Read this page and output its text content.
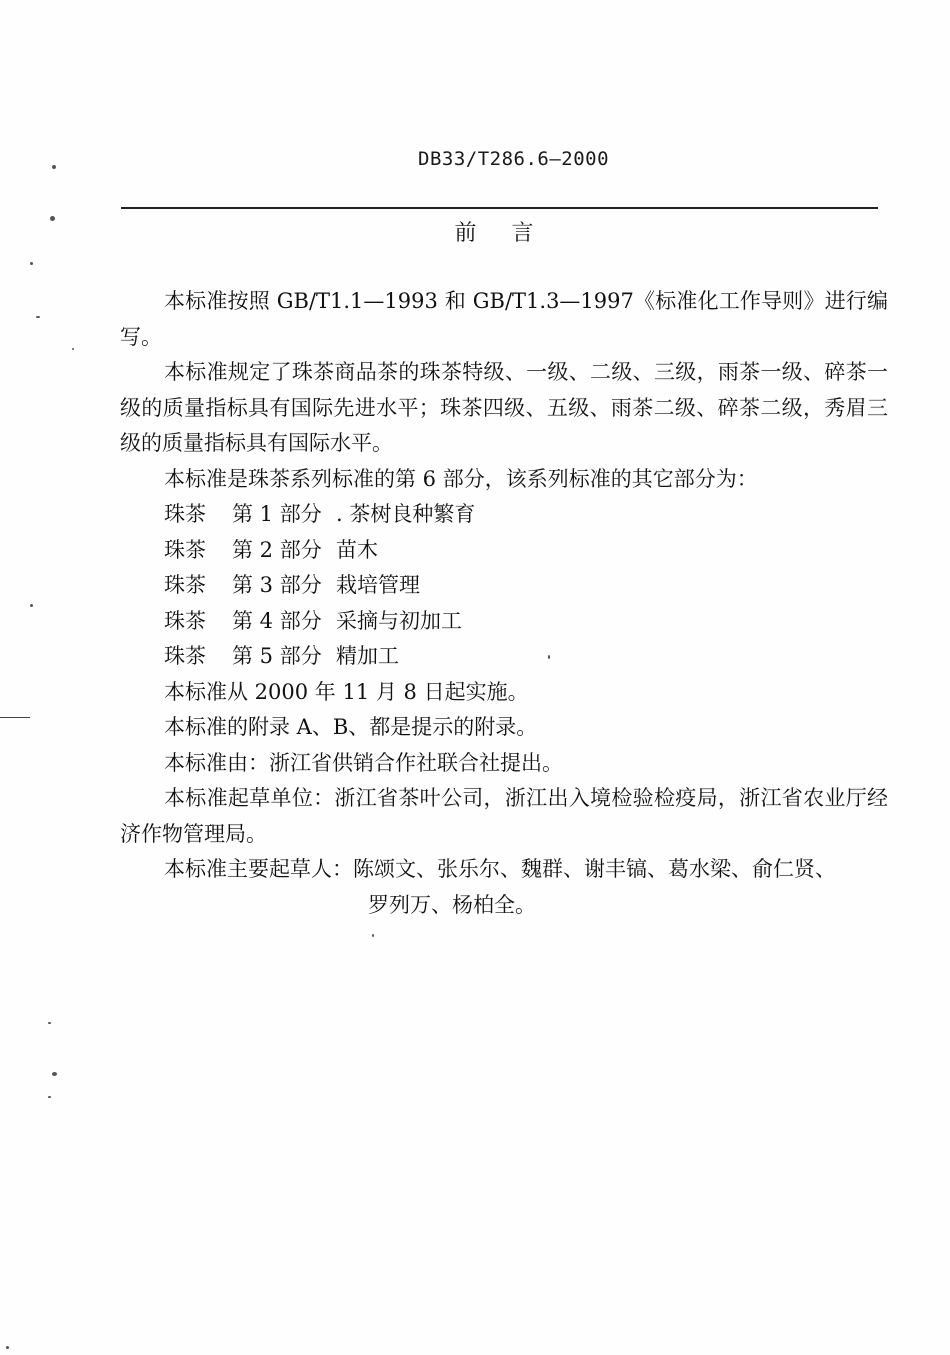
DB33/T286.6—2000
前 言

本标准按照 GB/T1.1—1993 和 GB/T1.3—1997《标准化工作导则》进行编写。

本标准规定了珠茶商品茶的珠茶特级、一级、二级、三级，雨茶一级、碎茶一级的质量指标具有国际先进水平；珠茶四级、五级、雨茶二级、碎茶二级，秀眉三级的质量指标具有国际水平。

本标准是珠茶系列标准的第 6 部分，该系列标准的其它部分为：

珠茶 第 1 部分 . 茶树良种繁育

珠茶 第 2 部分 苗木

珠茶 第 3 部分 栽培管理

珠茶 第 4 部分 采摘与初加工

珠茶 第 5 部分 精加工

本标准从 2000 年 11 月 8 日起实施。

本标准的附录 A、B、都是提示的附录。

本标准由：浙江省供销合作社联合社提出。

本标准起草单位：浙江省茶叶公司，浙江出入境检验检疫局，浙江省农业厅经济作物管理局。

本标准主要起草人：陈颂文、张乐尔、魏群、谢丰镐、葛水梁、俞仁贤、

罗列万、杨柏全。
